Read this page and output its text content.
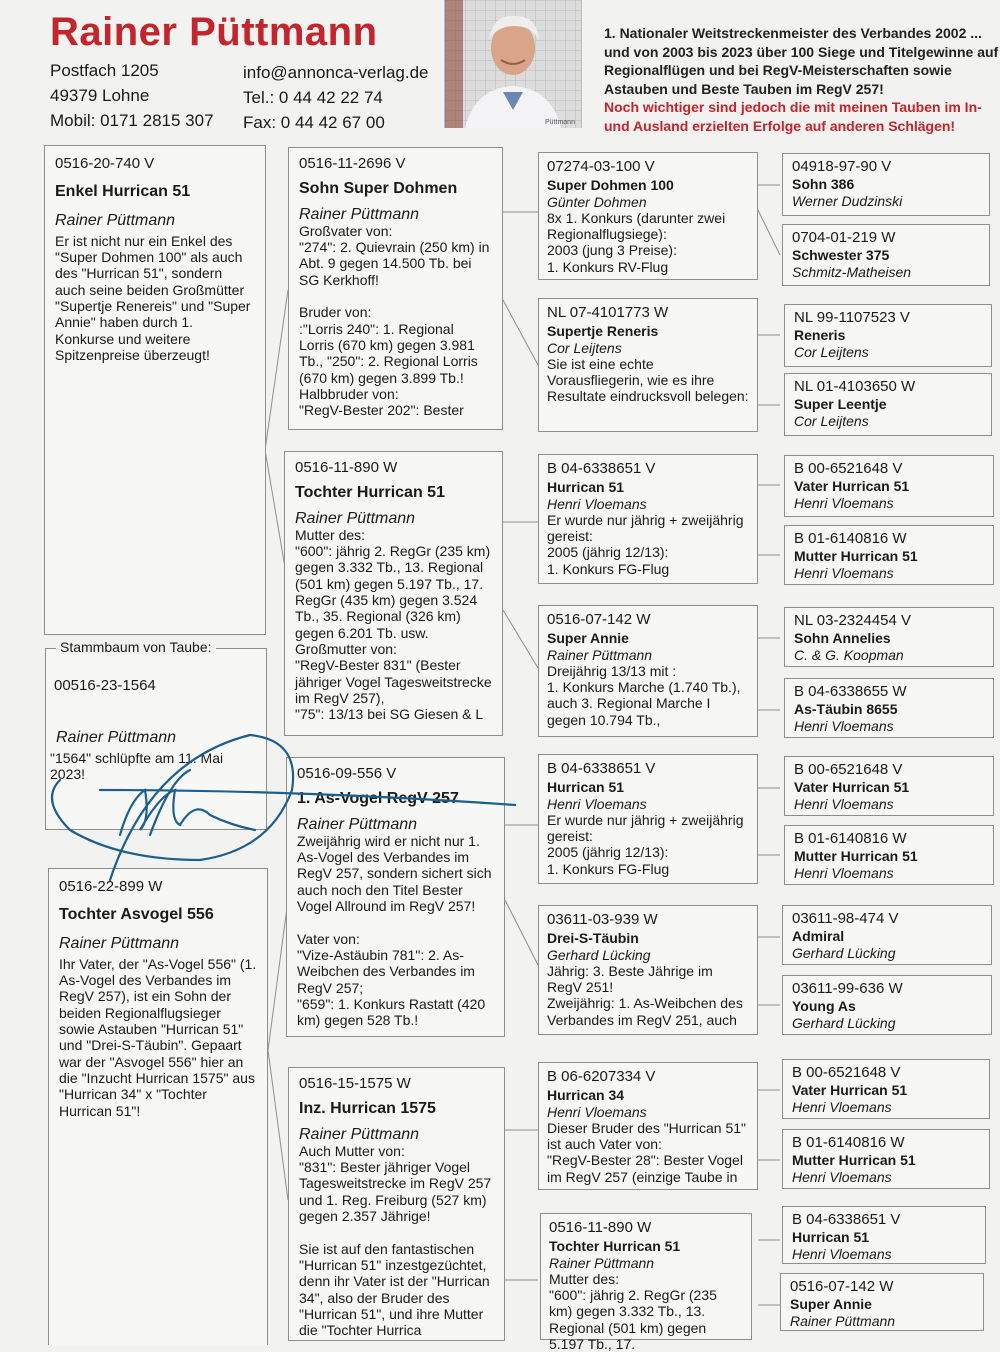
Rainer Püttmann
Postfach 1205
49379 Lohne
Mobil: 0171 2815 307
info@annonca-verlag.de
Tel.: 0 44 42 22 74
Fax: 0 44 42 67 00	Püttmann
1. Nationaler Weitstreckenmeister des Verbandes 2002 ... und von 2003 bis 2023 über 100 Siege und Titelgewinne auf Regionalflügen und bei RegV-Meisterschaften sowie Astauben und Beste Tauben im RegV 257!
Noch wichtiger sind jedoch die mit meinen Tauben im In- und Ausland erzielten Erfolge auf anderen Schlägen!
0516-20-740 V
Enkel Hurrican 51
Rainer Püttmann
Er ist nicht nur ein Enkel des "Super Dohmen 100" als auch des "Hurrican 51", sondern auch seine beiden Großmütter "Supertje Renereis" und "Super Annie" haben durch 1. Konkurse und weitere Spitzenpreise überzeugt!
Stammbaum von Taube:
00516-23-1564
Rainer Püttmann
"1564" schlüpfte am 11. Mai 2023!
0516-22-899 W
Tochter Asvogel 556
Rainer Püttmann
Ihr Vater, der "As-Vogel 556" (1. As-Vogel des Verbandes im RegV 257), ist ein Sohn der beiden Regionalflugsieger sowie Astauben "Hurrican 51" und "Drei-S-Täubin". Gepaart war der "Asvogel 556" hier an die "Inzucht Hurrican 1575" aus "Hurrican 34" x "Tochter Hurrican 51"!
0516-11-2696 V
Sohn Super Dohmen
Rainer Püttmann
Großvater von:
"274": 2. Quievrain (250 km) in Abt. 9 gegen 14.500 Tb. bei SG Kerkhoff!

Bruder von:
:"Lorris 240": 1. Regional Lorris (670 km) gegen 3.981 Tb., "250": 2. Regional Lorris (670 km) gegen 3.899 Tb.!
Halbbruder von:
"RegV-Bester 202": Bester
0516-11-890 W
Tochter Hurrican 51
Rainer Püttmann
Mutter des:
"600": jährig 2. RegGr (235 km) gegen 3.332 Tb., 13. Regional (501 km) gegen 5.197 Tb., 17. RegGr (435 km) gegen 3.524 Tb., 35. Regional (326 km) gegen 6.201 Tb. usw.
Großmutter von:
"RegV-Bester 831" (Bester jähriger Vogel Tagesweitstrecke im RegV 257),
"75": 13/13 bei SG Giesen & L
0516-09-556 V
1. As-Vogel RegV 257
Rainer Püttmann
Zweijährig wird er nicht nur 1. As-Vogel des Verbandes im RegV 257, sondern sichert sich auch noch den Titel Bester Vogel Allround im RegV 257!

Vater von:
"Vize-Astäubin 781": 2. As-Weibchen des Verbandes im RegV 257;
"659": 1. Konkurs Rastatt (420 km) gegen 528 Tb.!
0516-15-1575 W
Inz. Hurrican 1575
Rainer Püttmann
Auch Mutter von:
"831": Bester jähriger Vogel Tagesweitstrecke im RegV 257 und 1. Reg. Freiburg (527 km) gegen 2.357 Jährige!

Sie ist auf den fantastischen "Hurrican 51" inzestgezüchtet, denn ihr Vater ist der "Hurrican 34", also der Bruder des "Hurrican 51", und ihre Mutter die "Tochter Hurrica
07274-03-100 V
Super Dohmen 100
Günter Dohmen
8x 1. Konkurs (darunter zwei Regionalflugsiege):
2003 (jung 3 Preise):
1. Konkurs RV-Flug
NL 07-4101773 W
Supertje Reneris
Cor Leijtens
Sie ist eine echte Vorausfliegerin, wie es ihre Resultate eindrucksvoll belegen:
B 04-6338651 V
Hurrican 51
Henri Vloemans
Er wurde nur jährig + zweijährig gereist:
2005 (jährig 12/13):
1. Konkurs FG-Flug
0516-07-142 W
Super Annie
Rainer Püttmann
Dreijährig 13/13 mit :
1. Konkurs Marche (1.740 Tb.), auch 3. Regional Marche I gegen 10.794 Tb.,
B 04-6338651 V
Hurrican 51
Henri Vloemans
Er wurde nur jährig + zweijährig gereist:
2005 (jährig 12/13):
1. Konkurs FG-Flug
03611-03-939 W
Drei-S-Täubin
Gerhard Lücking
Jährig: 3. Beste Jährige im RegV 251!
Zweijährig: 1. As-Weibchen des Verbandes im RegV 251, auch
B 06-6207334 V
Hurrican 34
Henri Vloemans
Dieser Bruder des "Hurrican 51" ist auch Vater von:
"RegV-Bester 28": Bester Vogel im RegV 257 (einzige Taube in
0516-11-890 W
Tochter Hurrican 51
Rainer Püttmann
Mutter des:
"600": jährig 2. RegGr (235 km) gegen 3.332 Tb., 13. Regional (501 km) gegen 5.197 Tb., 17.
04918-97-90 V
Sohn 386
Werner Dudzinski
0704-01-219 W
Schwester 375
Schmitz-Matheisen
NL 99-1107523 V
Reneris
Cor Leijtens
NL 01-4103650 W
Super Leentje
Cor Leijtens
B 00-6521648 V
Vater Hurrican 51
Henri Vloemans
B 01-6140816 W
Mutter Hurrican 51
Henri Vloemans
NL 03-2324454 V
Sohn Annelies
C. & G. Koopman
B 04-6338655 W
As-Täubin 8655
Henri Vloemans
B 00-6521648 V
Vater Hurrican 51
Henri Vloemans
B 01-6140816 W
Mutter Hurrican 51
Henri Vloemans
03611-98-474 V
Admiral
Gerhard Lücking
03611-99-636 W
Young As
Gerhard Lücking
B 00-6521648 V
Vater Hurrican 51
Henri Vloemans
B 01-6140816 W
Mutter Hurrican 51
Henri Vloemans
B 04-6338651 V
Hurrican 51
Henri Vloemans
0516-07-142 W
Super Annie
Rainer Püttmann
